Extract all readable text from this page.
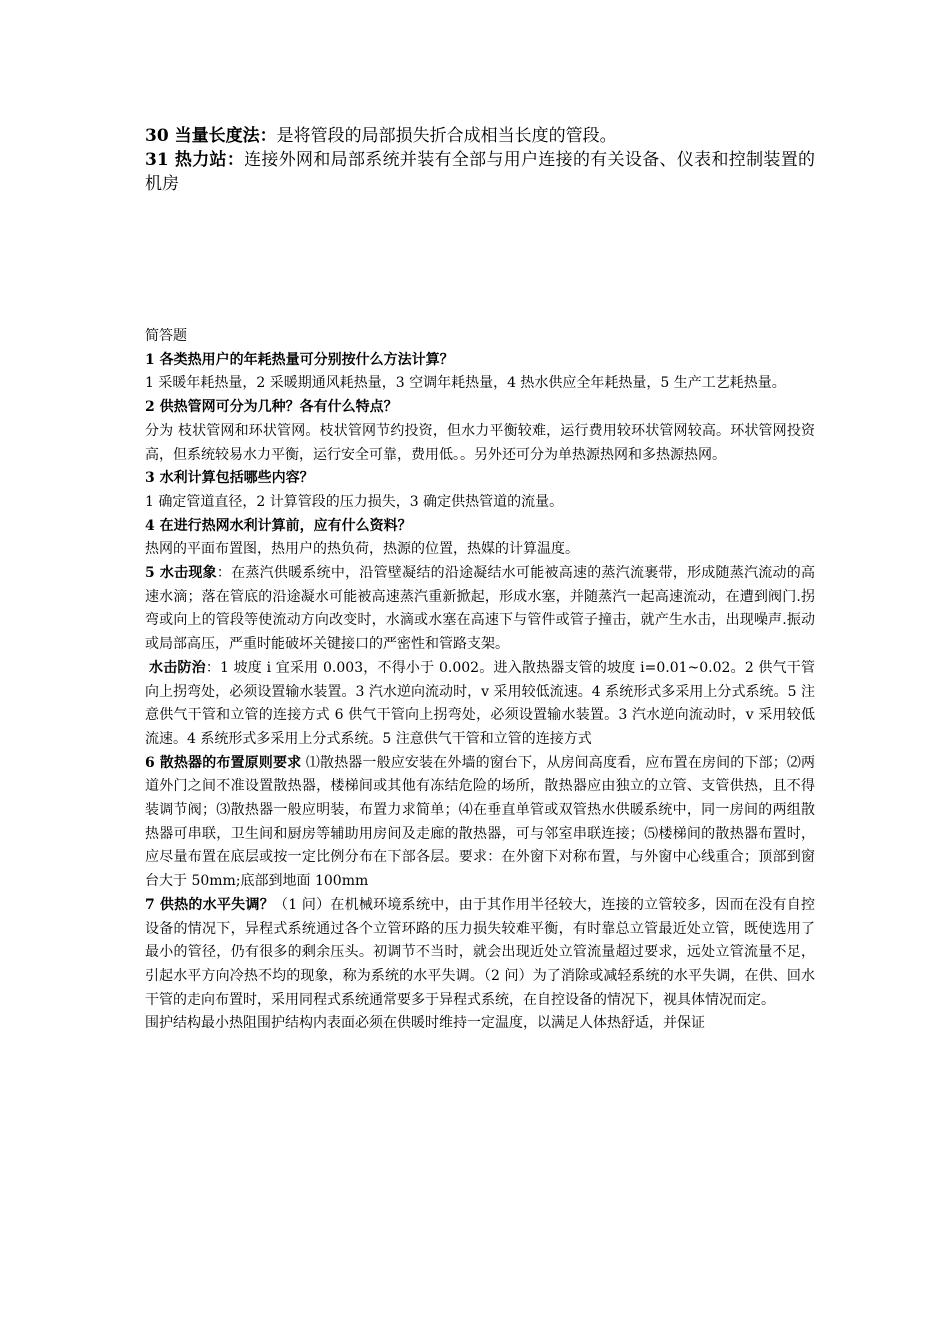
30 当量长度法：是将管段的局部损失折合成相当长度的管段。

31 热力站：连接外网和局部系统并装有全部与用户连接的有关设备、仪表和控制装置的机房

简答题

1 各类热用户的年耗热量可分别按什么方法计算？

1 采暖年耗热量，2 采暖期通风耗热量，3 空调年耗热量，4 热水供应全年耗热量，5 生产工艺耗热量。

2 供热管网可分为几种？各有什么特点？

分为 枝状管网和环状管网。枝状管网节约投资，但水力平衡较难，运行费用较环状管网较高。环状管网投资高，但系统较易水力平衡，运行安全可靠，费用低。。另外还可分为单热源热网和多热源热网。

3 水利计算包括哪些内容？

1 确定管道直径，2 计算管段的压力损失，3 确定供热管道的流量。

4 在进行热网水利计算前，应有什么资料？

热网的平面布置图，热用户的热负荷，热源的位置，热媒的计算温度。

5 水击现象：在蒸汽供暖系统中，沿管壁凝结的沿途凝结水可能被高速的蒸汽流裹带，形成随蒸汽流动的高速水滴；落在管底的沿途凝水可能被高速蒸汽重新掀起，形成水塞，并随蒸汽一起高速流动，在遭到阀门.拐弯或向上的管段等使流动方向改变时，水滴或水塞在高速下与管件或管子撞击，就产生水击，出现噪声.振动或局部高压，严重时能破坏关键接口的严密性和管路支架。

水击防治：1 坡度 i 宜采用 0.003，不得小于 0.002。进入散热器支管的坡度 i=0.01~0.02。2 供气干管向上拐弯处，必须设置输水装置。3 汽水逆向流动时，v 采用较低流速。4 系统形式多采用上分式系统。5 注意供气干管和立管的连接方式 6 供气干管向上拐弯处，必须设置输水装置。3 汽水逆向流动时，v 采用较低流速。4 系统形式多采用上分式系统。5 注意供气干管和立管的连接方式

6 散热器的布置原则要求 ⑴散热器一般应安装在外墙的窗台下，从房间高度看，应布置在房间的下部；⑵两道外门之间不准设置散热器，楼梯间或其他有冻结危险的场所，散热器应由独立的立管、支管供热，且不得装调节阀；⑶散热器一般应明装，布置力求简单；⑷在垂直单管或双管热水供暖系统中，同一房间的两组散热器可串联，卫生间和厨房等辅助用房间及走廊的散热器，可与邻室串联连接；⑸楼梯间的散热器布置时，应尽量布置在底层或按一定比例分布在下部各层。要求：在外窗下对称布置，与外窗中心线重合；顶部到窗台大于 50mm;底部到地面 100mm

7 供热的水平失调？（1 问）在机械环境系统中，由于其作用半径较大，连接的立管较多，因而在没有自控设备的情况下，异程式系统通过各个立管环路的压力损失较难平衡，有时靠总立管最近处立管，既使选用了最小的管径，仍有很多的剩余压头。初调节不当时，就会出现近处立管流量超过要求，远处立管流量不足，引起水平方向冷热不均的现象，称为系统的水平失调。（2 问）为了消除或减轻系统的水平失调，在供、回水干管的走向布置时，采用同程式系统通常要多于异程式系统，在自控设备的情况下，视具体情况而定。

围护结构最小热阻围护结构内表面必须在供暖时维持一定温度，以满足人体热舒适，并保证
